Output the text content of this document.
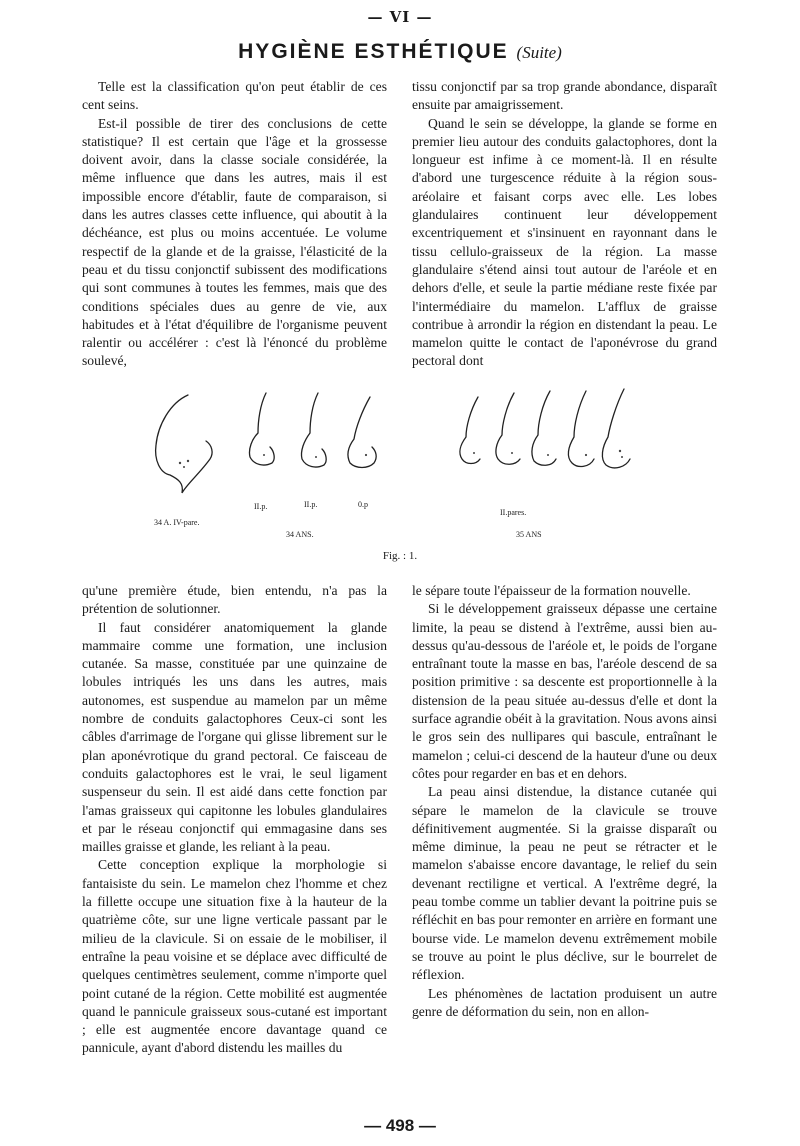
— VI —
HYGIÈNE ESTHÉTIQUE (Suite)

Telle est la classification qu'on peut établir de ces cent seins.

Est-il possible de tirer des conclusions de cette statistique? Il est certain que l'âge et la grossesse doivent avoir, dans la classe sociale considérée, la même influence que dans les autres, mais il est impossible encore d'établir, faute de comparaison, si dans les autres classes cette influence, qui aboutit à la déchéance, est plus ou moins accentuée. Le volume respectif de la glande et de la graisse, l'élasticité de la peau et du tissu conjonctif subissent des modifications qui sont communes à toutes les femmes, mais que des conditions spéciales dues au genre de vie, aux habitudes et à l'état d'équilibre de l'organisme peuvent ralentir ou accélérer : c'est là l'énoncé du problème soulevé,

tissu conjonctif par sa trop grande abondance, disparaît ensuite par amaigrissement.

Quand le sein se développe, la glande se forme en premier lieu autour des conduits galactophores, dont la longueur est infime à ce moment-là. Il en résulte d'abord une turgescence réduite à la région sous-aréolaire et faisant corps avec elle. Les lobes glandulaires continuent leur développement excentriquement et s'insinuent en rayonnant dans le tissu cellulo-graisseux de la région. La masse glandulaire s'étend ainsi tout autour de l'aréole et en dehors d'elle, et seule la partie médiane reste fixée par l'intermédiaire du mamelon. L'afflux de graisse contribue à arrondir la région en distendant la peau. Le mamelon quitte le contact de l'aponévrose du grand pectoral dont

34 A. IV-pare.
II.p.	II.p.	0.p
34 ANS.
II.pares.
35 ANS
Fig. : 1.

qu'une première étude, bien entendu, n'a pas la prétention de solutionner.

Il faut considérer anatomiquement la glande mammaire comme une formation, une inclusion cutanée. Sa masse, constituée par une quinzaine de lobules intriqués les uns dans les autres, mais autonomes, est suspendue au mamelon par un même nombre de conduits galactophores Ceux-ci sont les câbles d'arrimage de l'organe qui glisse librement sur le plan aponévrotique du grand pectoral. Ce faisceau de conduits galactophores est le vrai, le seul ligament suspenseur du sein. Il est aidé dans cette fonction par l'amas graisseux qui capitonne les lobules glandulaires et par le réseau conjonctif qui emmagasine dans ses mailles graisse et glande, les reliant à la peau.

Cette conception explique la morphologie si fantaisiste du sein. Le mamelon chez l'homme et chez la fillette occupe une situation fixe à la hauteur de la quatrième côte, sur une ligne verticale passant par le milieu de la clavicule. Si on essaie de le mobiliser, il entraîne la peau voisine et se déplace avec difficulté de quelques centimètres seulement, comme n'importe quel point cutané de la région. Cette mobilité est augmentée quand le pannicule graisseux sous-cutané est important ; elle est augmentée encore davantage quand ce pannicule, ayant d'abord distendu les mailles du

le sépare toute l'épaisseur de la formation nouvelle.

Si le développement graisseux dépasse une certaine limite, la peau se distend à l'extrême, aussi bien au-dessus qu'au-dessous de l'aréole et, le poids de l'organe entraînant toute la masse en bas, l'aréole descend de sa position primitive : sa descente est proportionnelle à la distension de la peau située au-dessus d'elle et dont la surface agrandie obéit à la gravitation. Nous avons ainsi le gros sein des nullipares qui bascule, entraînant le mamelon ; celui-ci descend de la hauteur d'une ou deux côtes pour regarder en bas et en dehors.

La peau ainsi distendue, la distance cutanée qui sépare le mamelon de la clavicule se trouve définitivement augmentée. Si la graisse disparaît ou même diminue, la peau ne peut se rétracter et le mamelon s'abaisse encore davantage, le relief du sein devenant rectiligne et vertical. A l'extrême degré, la peau tombe comme un tablier devant la poitrine puis se réfléchit en bas pour remonter en arrière en formant une bourse vide. Le mamelon devenu extrêmement mobile se trouve au point le plus déclive, sur le bourrelet de réflexion.

Les phénomènes de lactation produisent un autre genre de déformation du sein, non en allon-

— 498 —
